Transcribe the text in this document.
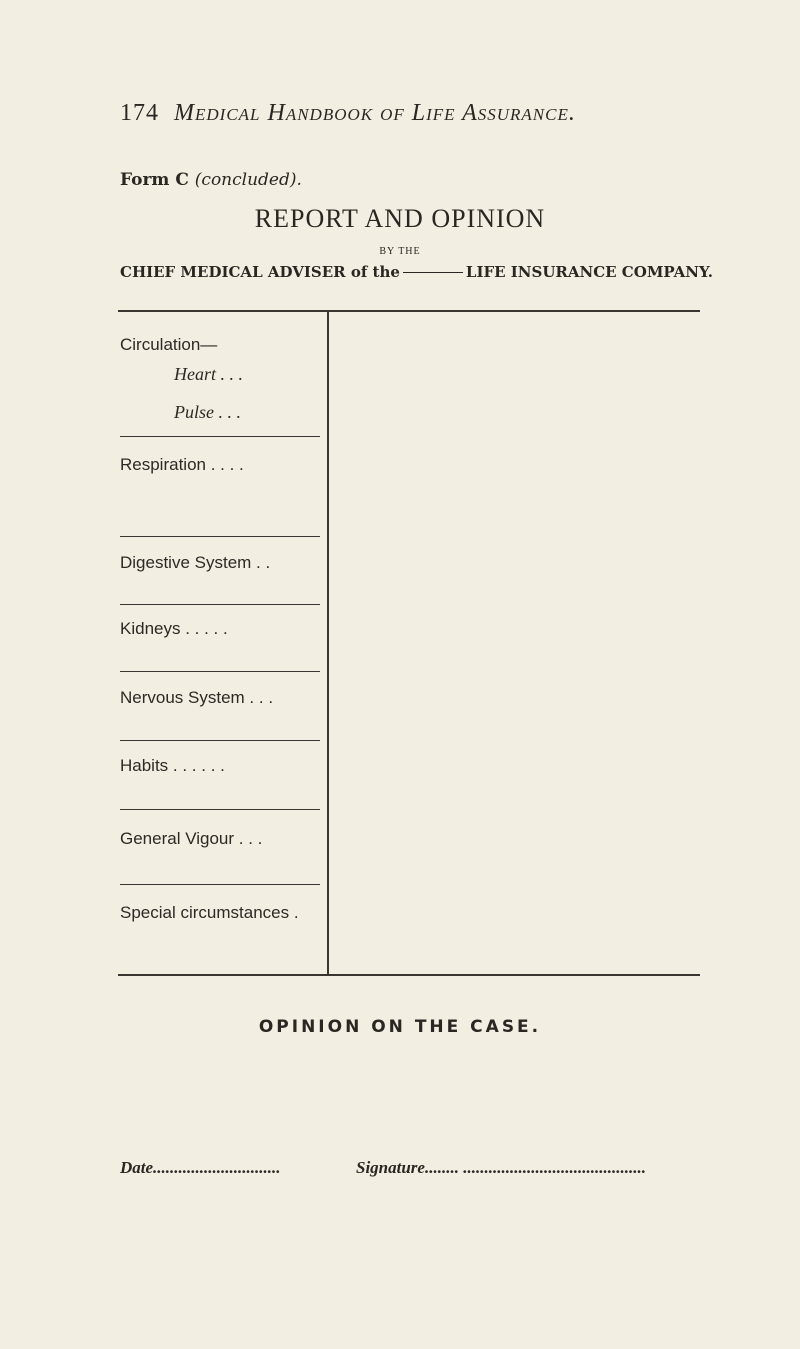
174 Medical Handbook of Life Assurance.
Form C (concluded).
REPORT AND OPINION
BY THE
CHIEF MEDICAL ADVISER of the	LIFE INSURANCE COMPANY.
Circulation—
Heart . . .
Pulse . . .
Respiration . . . .
Digestive System . .
Kidneys . . . . .
Nervous System . . .
Habits . . . . . .
General Vigour . . .
Special circumstances .
OPINION ON THE CASE.
Date..............................	Signature........ ...........................................
